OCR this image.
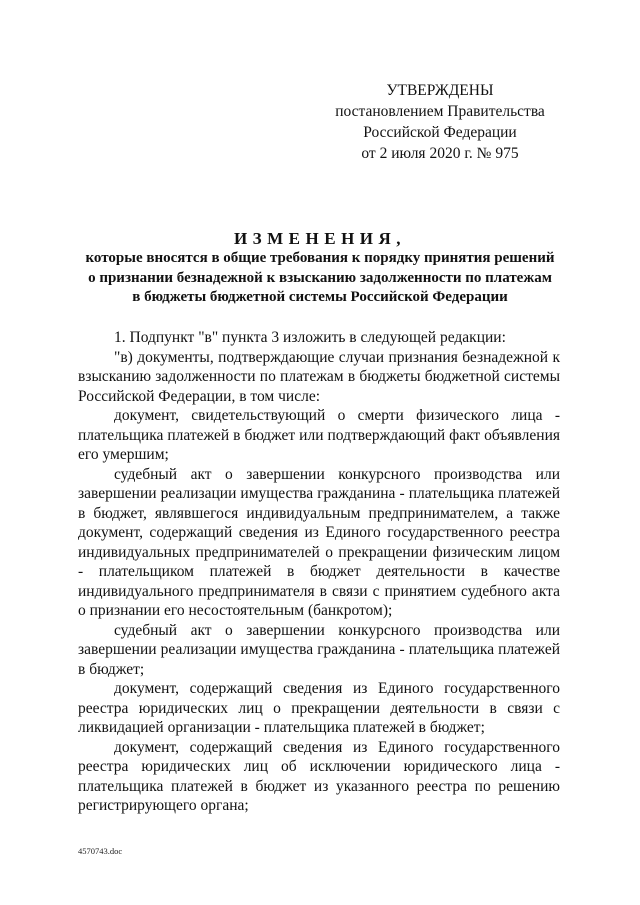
УТВЕРЖДЕНЫ
постановлением Правительства
Российской Федерации
от 2 июля 2020 г. № 975
ИЗМЕНЕНИЯ,
которые вносятся в общие требования к порядку принятия решений
о признании безнадежной к взысканию задолженности по платежам
в бюджеты бюджетной системы Российской Федерации

1. Подпункт "в" пункта 3 изложить в следующей редакции:

"в) документы, подтверждающие случаи признания безнадежной к взысканию задолженности по платежам в бюджеты бюджетной системы Российской Федерации, в том числе:

документ, свидетельствующий о смерти физического лица - плательщика платежей в бюджет или подтверждающий факт объявления его умершим;

судебный акт о завершении конкурсного производства или завершении реализации имущества гражданина - плательщика платежей в бюджет, являвшегося индивидуальным предпринимателем, а также документ, содержащий сведения из Единого государственного реестра индивидуальных предпринимателей о прекращении физическим лицом - плательщиком платежей в бюджет деятельности в качестве индивидуального предпринимателя в связи с принятием судебного акта о признании его несостоятельным (банкротом);

судебный акт о завершении конкурсного производства или завершении реализации имущества гражданина - плательщика платежей в бюджет;

документ, содержащий сведения из Единого государственного реестра юридических лиц о прекращении деятельности в связи с ликвидацией организации - плательщика платежей в бюджет;

документ, содержащий сведения из Единого государственного реестра юридических лиц об исключении юридического лица - плательщика платежей в бюджет из указанного реестра по решению регистрирующего органа;

4570743.doc
